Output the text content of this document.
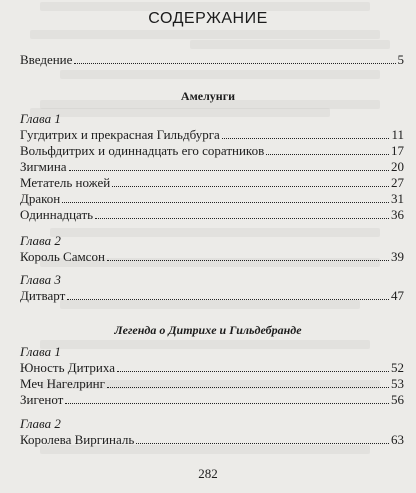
СОДЕРЖАНИЕ
Введение	5
Амелунги
Глава 1
Гугдитрих и прекрасная Гильдбурга	11
Вольфдитрих и одиннадцать его соратников	17
Зигмина	20
Метатель ножей	27
Дракон	31
Одиннадцать	36
Глава 2
Король Самсон	39
Глава 3
Дитварт	47
Легенда о Дитрихе и Гильдебранде
Глава 1
Юность Дитриха	52
Меч Нагелринг	53
Зигенот	56
Глава 2
Королева Виргиналь	63
282
